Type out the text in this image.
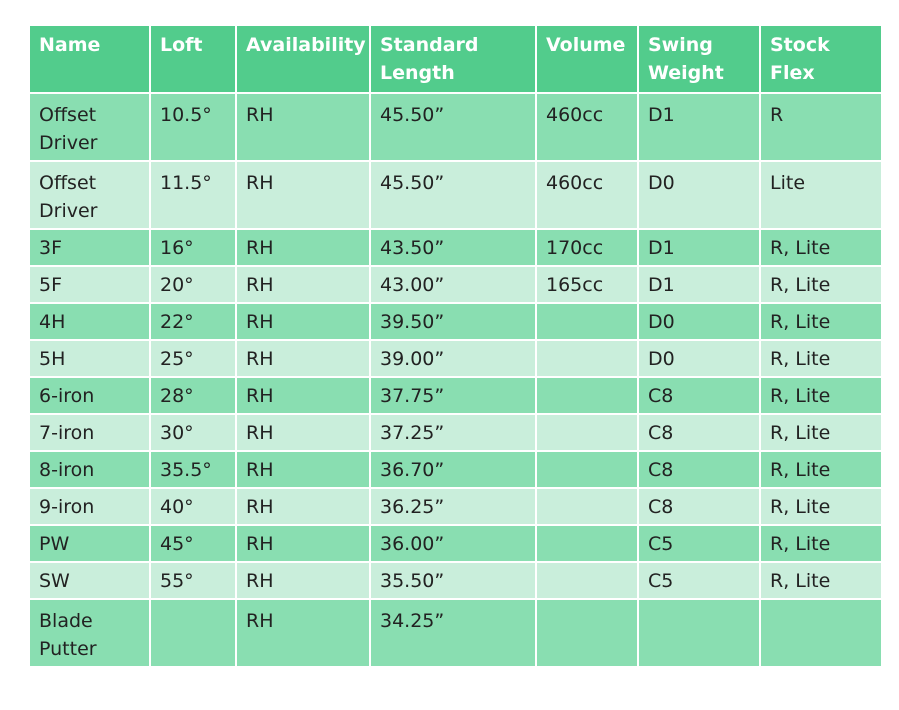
Name	Loft	Availability	Standard Length	Volume	Swing Weight	Stock Flex
Offset Driver	10.5°	RH	45.50”	460cc	D1	R
Offset Driver	11.5°	RH	45.50”	460cc	D0	Lite
3F	16°	RH	43.50”	170cc	D1	R, Lite
5F	20°	RH	43.00”	165cc	D1	R, Lite
4H	22°	RH	39.50”		D0	R, Lite
5H	25°	RH	39.00”		D0	R, Lite
6-iron	28°	RH	37.75”		C8	R, Lite
7-iron	30°	RH	37.25”		C8	R, Lite
8-iron	35.5°	RH	36.70”		C8	R, Lite
9-iron	40°	RH	36.25”		C8	R, Lite
PW	45°	RH	36.00”		C5	R, Lite
SW	55°	RH	35.50”		C5	R, Lite
Blade Putter		RH	34.25”			
